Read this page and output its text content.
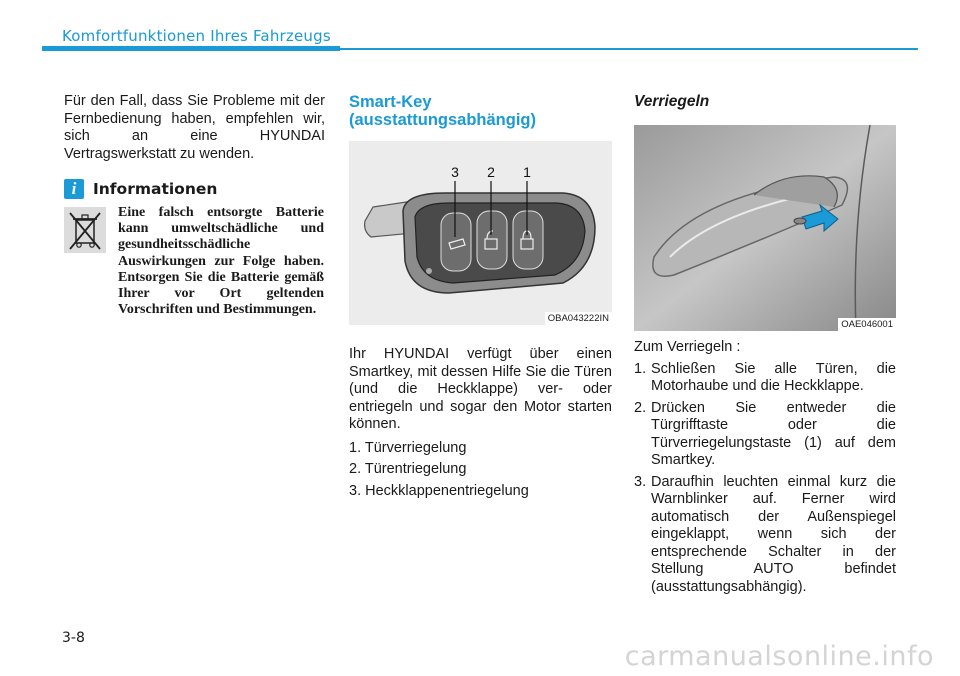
Komfortfunktionen Ihres Fahrzeugs

Für den Fall, dass Sie Probleme mit der Fernbedienung haben, empfehlen wir, sich an eine HYUNDAI Vertragswerkstatt zu wenden.

i	Informationen
Eine falsch entsorgte Batterie kann umweltschädliche und gesundheitsschädliche Auswirkungen zur Folge haben. Entsorgen Sie die Batterie gemäß Ihrer vor Ort geltenden Vorschriften und Bestimmungen.
Smart-Key
(ausstattungsabhängig)
3 2 1
OBA043222IN

Ihr HYUNDAI verfügt über einen Smartkey, mit dessen Hilfe Sie die Türen (und die Heckklappe) ver- oder entriegeln und sogar den Motor starten können.

1. Türverriegelung
2. Türentriegelung
3. Heckklappenentriegelung
Verriegeln
OAE046001

Zum Verriegeln :

1. Schließen Sie alle Türen, die Motorhaube und die Heckklappe.
2. Drücken Sie entweder die Türgrifftaste oder die Türverriegelungstaste (1) auf dem Smartkey.
3. Daraufhin leuchten einmal kurz die Warnblinker auf. Ferner wird automatisch der Außenspiegel eingeklappt, wenn sich der entsprechende Schalter in der Stellung AUTO befindet (ausstattungsabhängig).
3-8
carmanualsonline.info
